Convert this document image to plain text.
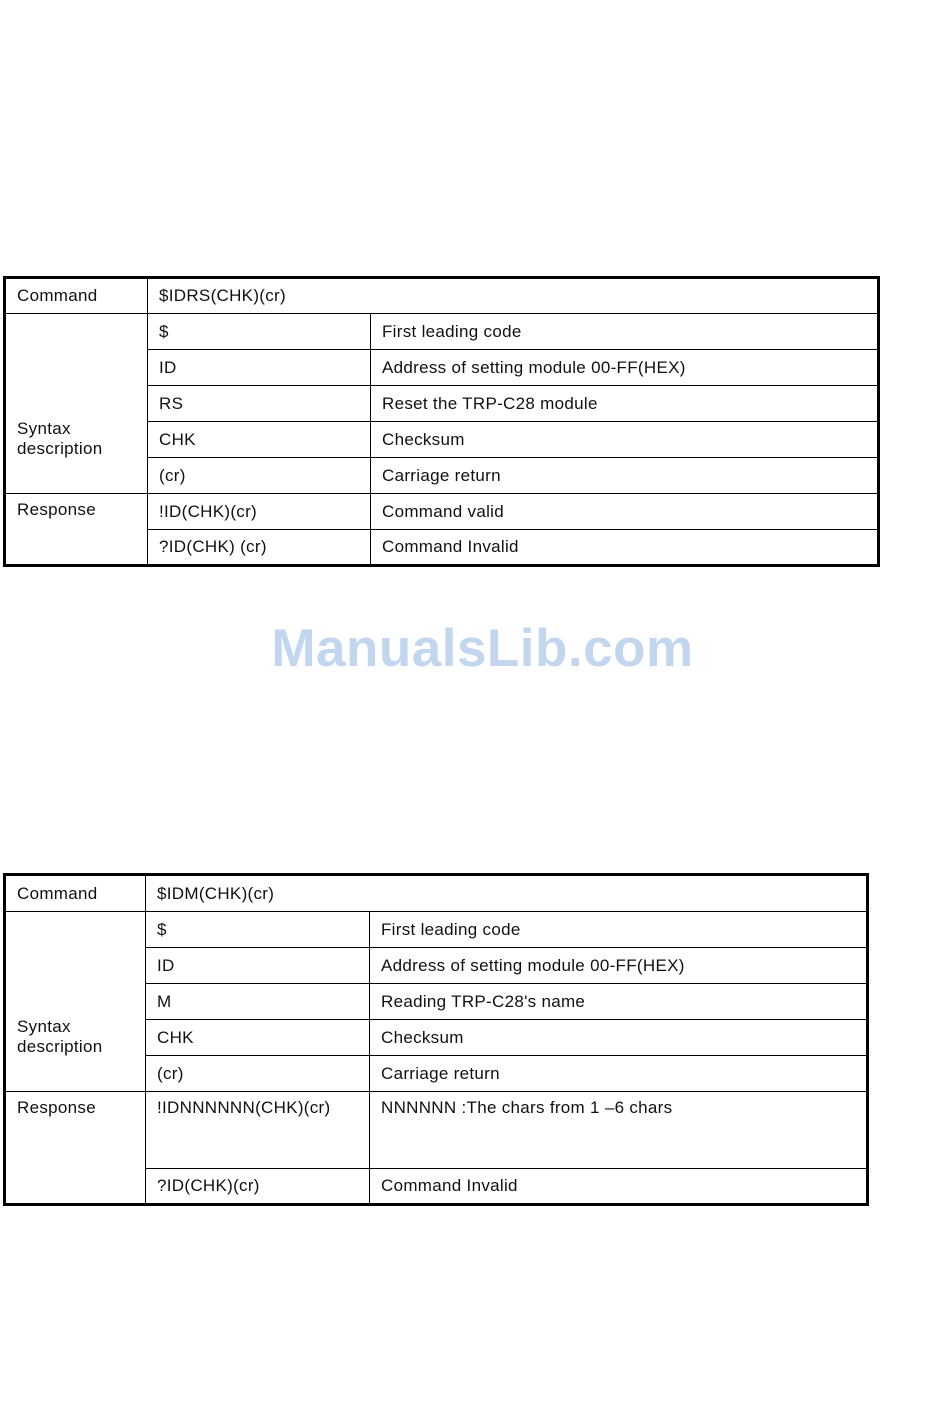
Command	$IDRS(CHK)(cr)	

Syntax
description	$	First leading code
	ID	Address of setting module 00-FF(HEX)
	RS	Reset the TRP-C28 module
	CHK	Checksum
	(cr)	Carriage return
Response	!ID(CHK)(cr)	Command valid
	?ID(CHK) (cr)	Command Invalid
ManualsLib.com
Command	$IDM(CHK)(cr)	

Syntax
description	$	First leading code
	ID	Address of setting module 00-FF(HEX)
	M	Reading TRP-C28's name
	CHK	Checksum
	(cr)	Carriage return
Response	!IDNNNNNN(CHK)(cr)	NNNNNN :The chars from 1 –6 chars
	?ID(CHK)(cr)	Command Invalid
